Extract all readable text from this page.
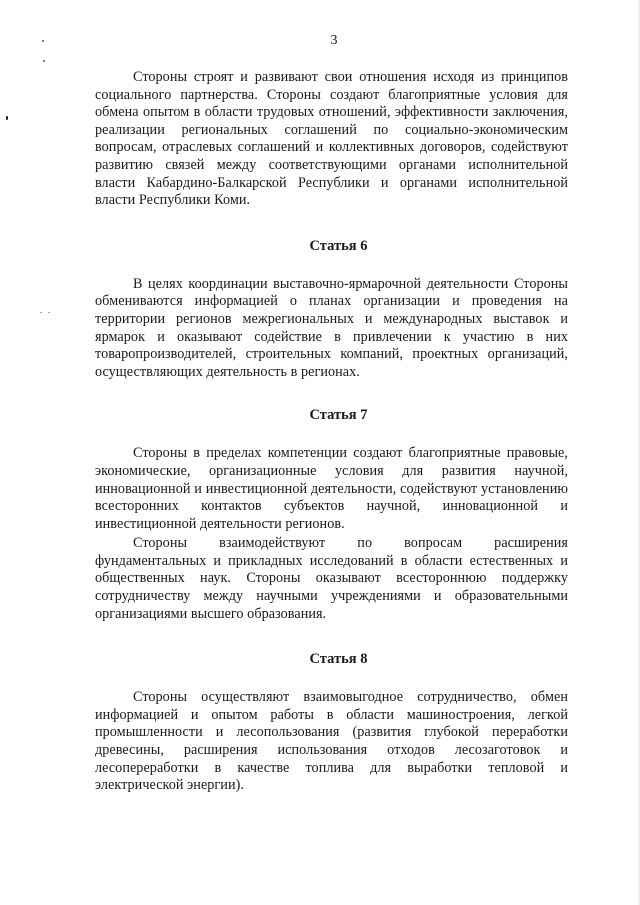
3

Стороны строят и развивают свои отношения исходя из принципов социального партнерства. Стороны создают благоприятные условия для обмена опытом в области трудовых отношений, эффективности заключения, реализации региональных соглашений по социально-экономическим вопросам, отраслевых соглашений и коллективных договоров, содействуют развитию связей между соответствующими органами исполнительной власти Кабардино-Балкарской Республики и органами исполнительной власти Республики Коми.

Статья 6

В целях координации выставочно-ярмарочной деятельности Стороны обмениваются информацией о планах организации и проведения на территории регионов межрегиональных и международных выставок и ярмарок и оказывают содействие в привлечении к участию в них товаропроизводителей, строительных компаний, проектных организаций, осуществляющих деятельность в регионах.

Статья 7

Стороны в пределах компетенции создают благоприятные правовые, экономические, организационные условия для развития научной, инновационной и инвестиционной деятельности, содействуют установлению всесторонних контактов субъектов научной, инновационной и инвестиционной деятельности регионов.

Стороны взаимодействуют по вопросам расширения фундаментальных и прикладных исследований в области естественных и общественных наук. Стороны оказывают всестороннюю поддержку сотрудничеству между научными учреждениями и образовательными организациями высшего образования.

Статья 8

Стороны осуществляют взаимовыгодное сотрудничество, обмен информацией и опытом работы в области машиностроения, легкой промышленности и лесопользования (развития глубокой переработки древесины, расширения использования отходов лесозаготовок и лесопереработки в качестве топлива для выработки тепловой и электрической энергии).
